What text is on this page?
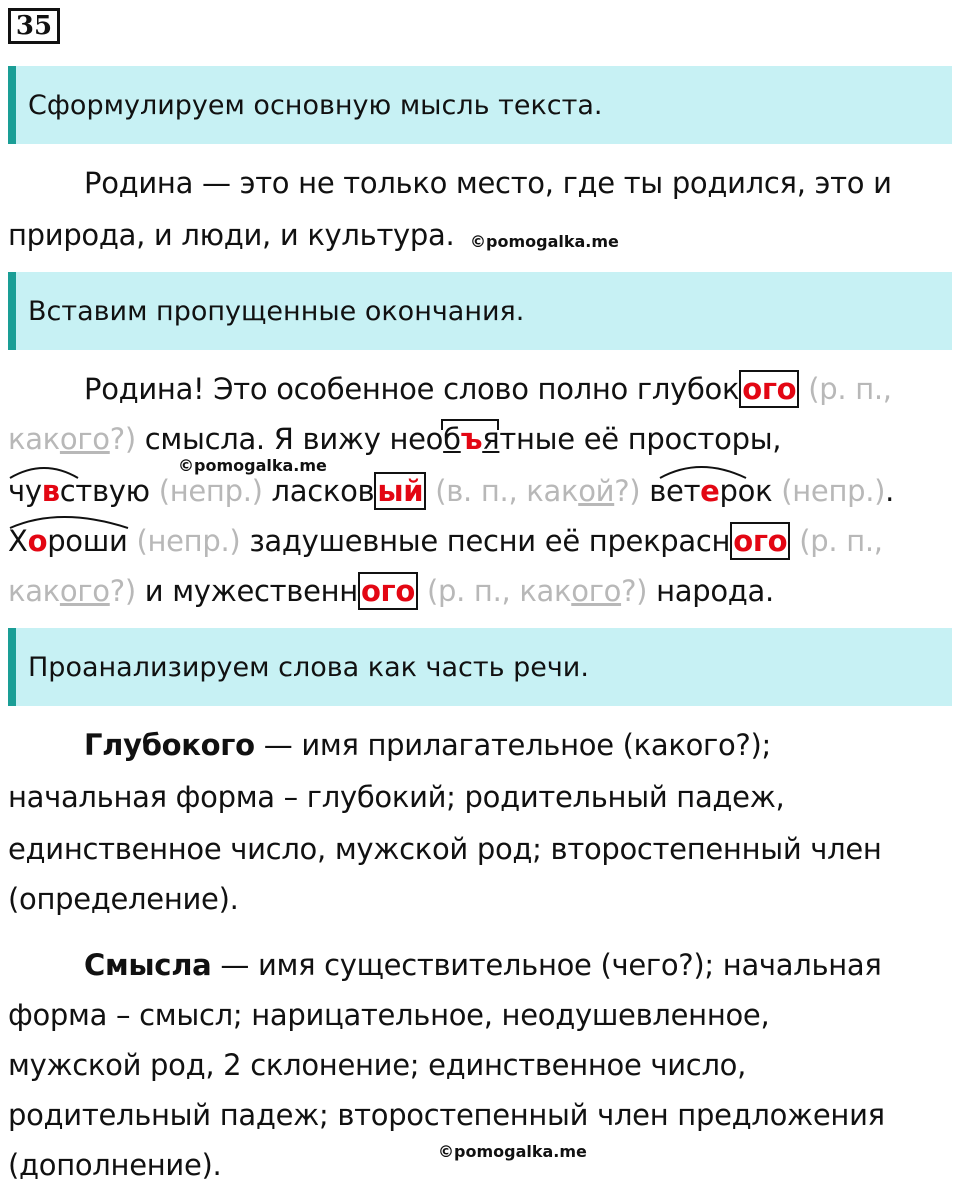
35
Сформулируем основную мысль текста.
Родина — это не только место, где ты родился, это и
природа, и люди, и культура. ©pomogalka.me
Вставим пропущенные окончания.
Родина! Это особенное слово полно глубок ого (р. п.,
какого?) смысла. Я вижу необъятные её просторы,
©pomogalka.me
чувствую (непр.) ласков ый (в. п., какой?) ветерок (непр.).
Хороши (непр.) задушевные песни её прекрасн ого (р. п.,
какого?) и мужественн ого (р. п., какого?) народа.
Проанализируем слова как часть речи.
Глубокого — имя прилагательное (какого?);
начальная форма – глубокий; родительный падеж,
единственное число, мужской род; второстепенный член
(определение).
Смысла — имя существительное (чего?); начальная
форма – смысл; нарицательное, неодушевленное,
мужской род, 2 склонение; единственное число,
родительный падеж; второстепенный член предложения
(дополнение).	©pomogalka.me
